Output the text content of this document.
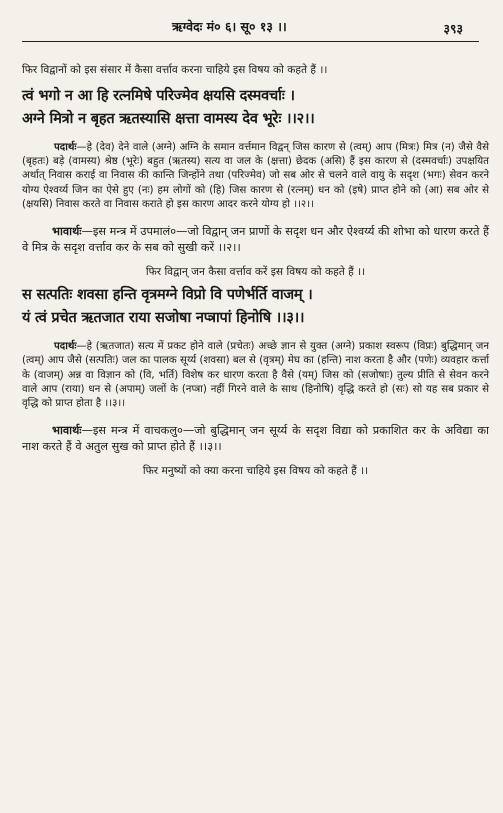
ऋग्वेदः मं० ६। सू० १३ ।।	३९३

फिर विद्वानों को इस संसार में कैसा वर्त्ताव करना चाहिये इस विषय को कहते हैं ।।

त्वं भगो न आ हि रत्नमिषे परिज्मेव क्षयसि दस्मवर्चाः ।

अग्ने मित्रो न बृहत ऋतस्यासि क्षत्ता वामस्य देव भूरेः ।।२।।

पदार्थः—हे (देव) देने वाले (अग्ने) अग्नि के समान वर्त्तमान विद्वन् जिस कारण से (त्वम्) आप (मित्रः) मित्र (न) जैसे वैसे (बृहतः) बड़े (वामस्य) श्रेष्ठ (भूरेः) बहुत (ऋतस्य) सत्य वा जल के (क्षत्ता) छेदक (असि) हैं इस कारण से (दस्मवर्चाः) उपक्षयित अर्थात् निवास कराई वा निवास की कान्ति जिन्होंने तथा (परिज्मेव) जो सब ओर से चलने वाले वायु के सदृश (भगः) सेवन करने योग्य ऐश्वर्य्य जिन का ऐसे हुए (नः) हम लोगों को (हि) जिस कारण से (रत्नम्) धन को (इषे) प्राप्त होने को (आ) सब ओर से (क्षयसि) निवास करते वा निवास कराते हो इस कारण आदर करने योग्य हो ।।२।।

भावार्थः—इस मन्त्र में उपमालं०—जो विद्वान् जन प्राणों के सदृश धन और ऐश्वर्य्य की शोभा को धारण करते हैं वे मित्र के सदृश वर्त्ताव कर के सब को सुखी करें ।।२।।

फिर विद्वान् जन कैसा वर्त्ताव करें इस विषय को कहते हैं ।।

स सत्पतिः शवसा हन्ति वृत्रमग्ने विप्रो वि पणेर्भर्ति वाजम् ।

यं त्वं प्रचेत ऋतजात राया सजोषा नप्त्रापां हिनोषि ।।३।।

पदार्थः—हे (ऋतजात) सत्य में प्रकट होने वाले (प्रचेतः) अच्छे ज्ञान से युक्त (अग्ने) प्रकाश स्वरूप (विप्रः) बुद्धिमान् जन (त्वम्) आप जैसे (सत्पतिः) जल का पालक सूर्य्य (शवसा) बल से (वृत्रम्) मेघ का (हन्ति) नाश करता है और (पणेः) व्यवहार कर्त्ता के (वाजम्) अन्न वा विज्ञान को (वि, भर्ति) विशेष कर धारण करता है वैसे (यम्) जिस को (सजोषाः) तुल्य प्रीति से सेवन करने वाले आप (राया) धन से (अपाम्) जलों के (नप्त्रा) नहीं गिरने वाले के साथ (हिनोषि) वृद्धि करते हो (सः) सो यह सब प्रकार से वृद्धि को प्राप्त होता है ।।३।।

भावार्थः—इस मन्त्र में वाचकलु०—जो बुद्धिमान् जन सूर्य्य के सदृश विद्या को प्रकाशित कर के अविद्या का नाश करते हैं वे अतुल सुख को प्राप्त होते हैं ।।३।।

फिर मनुष्यों को क्या करना चाहिये इस विषय को कहते हैं ।।
